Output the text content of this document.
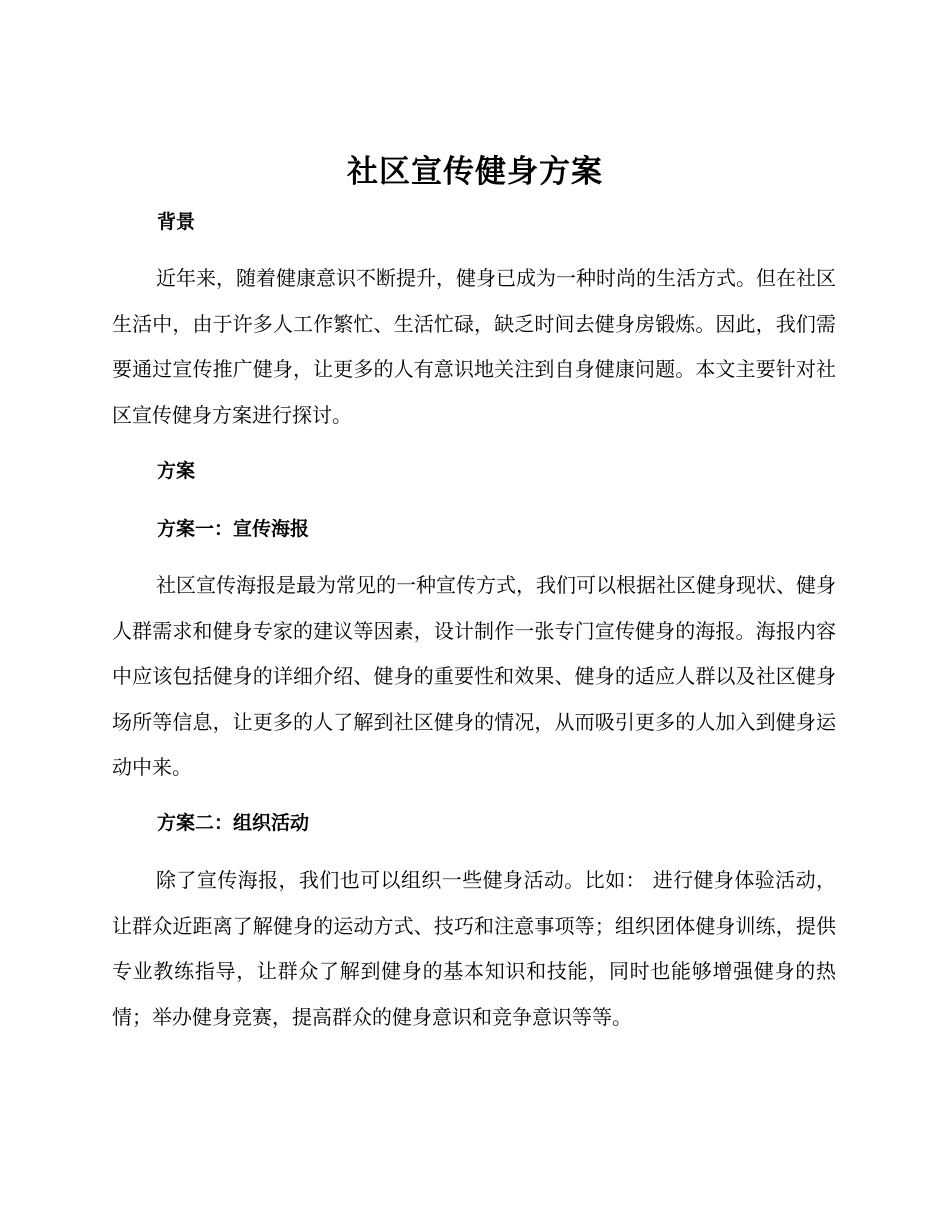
社区宣传健身方案
背景
近年来，随着健康意识不断提升，健身已成为一种时尚的生活方式。但在社区生活中，由于许多人工作繁忙、生活忙碌，缺乏时间去健身房锻炼。因此，我们需要通过宣传推广健身，让更多的人有意识地关注到自身健康问题。本文主要针对社区宣传健身方案进行探讨。
方案
方案一：宣传海报
社区宣传海报是最为常见的一种宣传方式，我们可以根据社区健身现状、健身人群需求和健身专家的建议等因素，设计制作一张专门宣传健身的海报。海报内容中应该包括健身的详细介绍、健身的重要性和效果、健身的适应人群以及社区健身场所等信息，让更多的人了解到社区健身的情况，从而吸引更多的人加入到健身运动中来。
方案二：组织活动
除了宣传海报，我们也可以组织一些健身活动。比如： 进行健身体验活动，让群众近距离了解健身的运动方式、技巧和注意事项等；组织团体健身训练，提供专业教练指导，让群众了解到健身的基本知识和技能，同时也能够增强健身的热情；举办健身竞赛，提高群众的健身意识和竞争意识等等。
